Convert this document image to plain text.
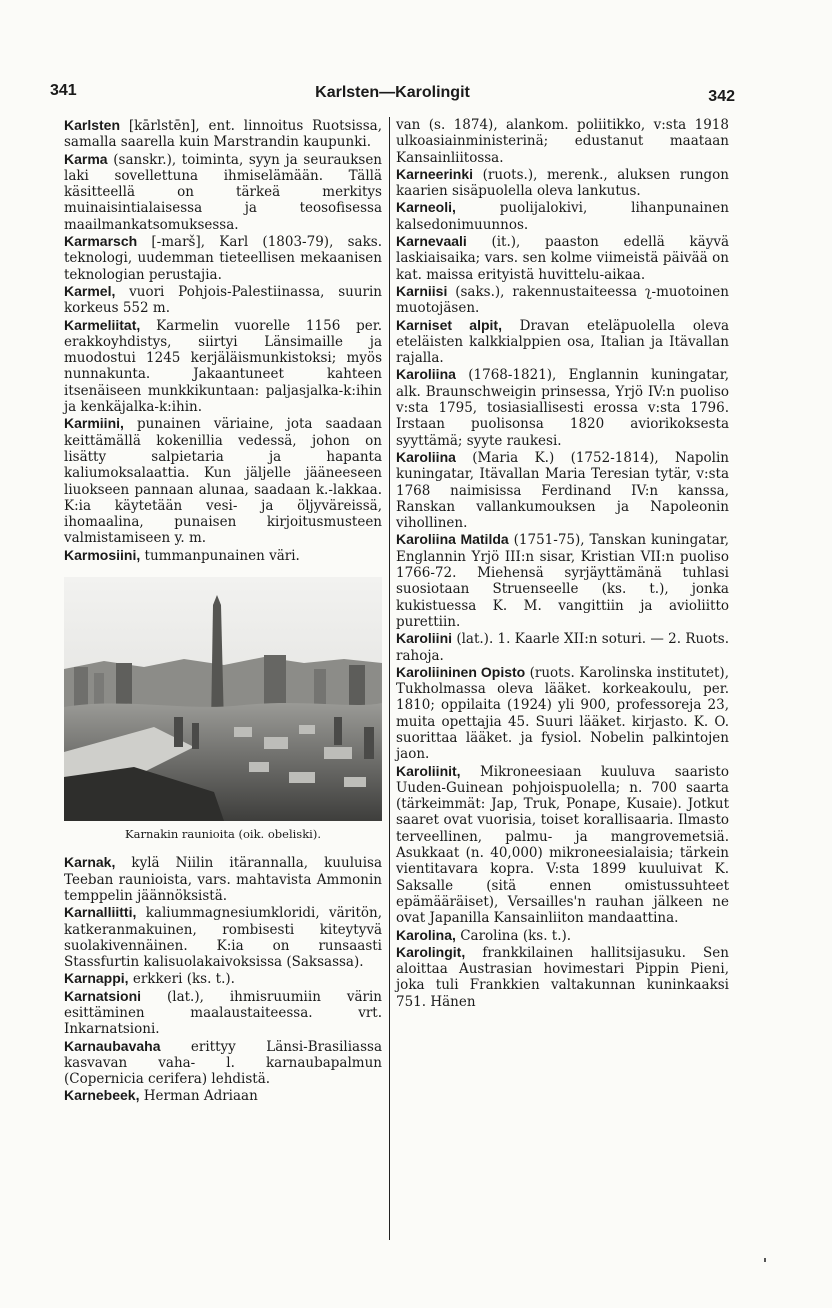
341	Karlsten—Karolingit	342

Karlsten [kārlstēn], ent. linnoitus Ruotsissa, samalla saarella kuin Marstrandin kaupunki.

Karma (sanskr.), toiminta, syyn ja seurauksen laki sovellettuna ihmiselämään. Tällä käsitteellä on tärkeä merkitys muinaisintialaisessa ja teosofisessa maailmankatsomuksessa.

Karmarsch [-marš], Karl (1803-79), saks. teknologi, uudemman tieteellisen mekaanisen teknologian perustajia.

Karmel, vuori Pohjois-Palestiinassa, suurin korkeus 552 m.

Karmeliitat, Karmelin vuorelle 1156 per. erakkoyhdistys, siirtyi Länsimaille ja muodostui 1245 kerjäläismunkistoksi; myös nunnakunta. Jakaantuneet kahteen itsenäiseen munkkikuntaan: paljasjalka-k:ihin ja kenkäjalka-k:ihin.

Karmiini, punainen väriaine, jota saadaan keittämällä kokenillia vedessä, johon on lisätty salpietaria ja hapanta kaliumoksalaattia. Kun jäljelle jääneeseen liuokseen pannaan alunaa, saadaan k.-lakkaa. K:ia käytetään vesi- ja öljyväreissä, ihomaalina, punaisen kirjoitusmusteen valmistamiseen y. m.

Karmosiini, tummanpunainen väri.

Karnakin raunioita (oik. obeliski).

Karnak, kylä Niilin itärannalla, kuuluisa Teeban raunioista, vars. mahtavista Ammonin temppelin jäännöksistä.

Karnalliitti, kaliummagnesiumkloridi, väritön, katkeranmakuinen, rombisesti kiteytyvä suolakivennäinen. K:ia on runsaasti Stassfurtin kalisuolakaivoksissa (Saksassa).

Karnappi, erkkeri (ks. t.).

Karnatsioni (lat.), ihmisruumiin värin esittäminen maalaustaiteessa. vrt. Inkarnatsioni.

Karnaubavaha erittyy Länsi-Brasiliassa kasvavan vaha- l. karnaubapalmun (Copernicia cerifera) lehdistä.

Karnebeek, Herman Adriaan

van (s. 1874), alankom. poliitikko, v:sta 1918 ulkoasiainministerinä; edustanut maataan Kansainliitossa.

Karneerinki (ruots.), merenk., aluksen rungon kaarien sisäpuolella oleva lankutus.

Karneoli, puolijalokivi, lihanpunainen kalsedonimuunnos.

Karnevaali (it.), paaston edellä käyvä laskiaisaika; vars. sen kolme viimeistä päivää on kat. maissa erityistä huvittelu-aikaa.

Karniisi (saks.), rakennustaiteessa ʅ-muotoinen muotojäsen.

Karniset alpit, Dravan eteläpuolella oleva eteläisten kalkkialppien osa, Italian ja Itävallan rajalla.

Karoliina (1768-1821), Englannin kuningatar, alk. Braunschweigin prinsessa, Yrjö IV:n puoliso v:sta 1795, tosiasiallisesti erossa v:sta 1796. Irstaan puolisonsa 1820 aviorikoksesta syyttämä; syyte raukesi.

Karoliina (Maria K.) (1752-1814), Napolin kuningatar, Itävallan Maria Teresian tytär, v:sta 1768 naimisissa Ferdinand IV:n kanssa, Ranskan vallankumouksen ja Napoleonin vihollinen.

Karoliina Matilda (1751-75), Tanskan kuningatar, Englannin Yrjö III:n sisar, Kristian VII:n puoliso 1766-72. Miehensä syrjäyttämänä tuhlasi suosiotaan Struenseelle (ks. t.), jonka kukistuessa K. M. vangittiin ja avioliitto purettiin.

Karoliini (lat.). 1. Kaarle XII:n soturi. — 2. Ruots. rahoja.

Karoliininen Opisto (ruots. Karolinska institutet), Tukholmassa oleva lääket. korkeakoulu, per. 1810; oppilaita (1924) yli 900, professoreja 23, muita opettajia 45. Suuri lääket. kirjasto. K. O. suorittaa lääket. ja fysiol. Nobelin palkintojen jaon.

Karoliinit, Mikroneesiaan kuuluva saaristo Uuden-Guinean pohjoispuolella; n. 700 saarta (tärkeimmät: Jap, Truk, Ponape, Kusaie). Jotkut saaret ovat vuorisia, toiset korallisaaria. Ilmasto terveellinen, palmu- ja mangrovemetsiä. Asukkaat (n. 40,000) mikroneesialaisia; tärkein vientitavara kopra. V:sta 1899 kuuluivat K. Saksalle (sitä ennen omistussuhteet epämääräiset), Versailles'n rauhan jälkeen ne ovat Japanilla Kansainliiton mandaattina.

Karolina, Carolina (ks. t.).

Karolingit, frankkilainen hallitsijasuku. Sen aloittaa Austrasian hovimestari Pippin Pieni, joka tuli Frankkien valtakunnan kuninkaaksi 751. Hänen
